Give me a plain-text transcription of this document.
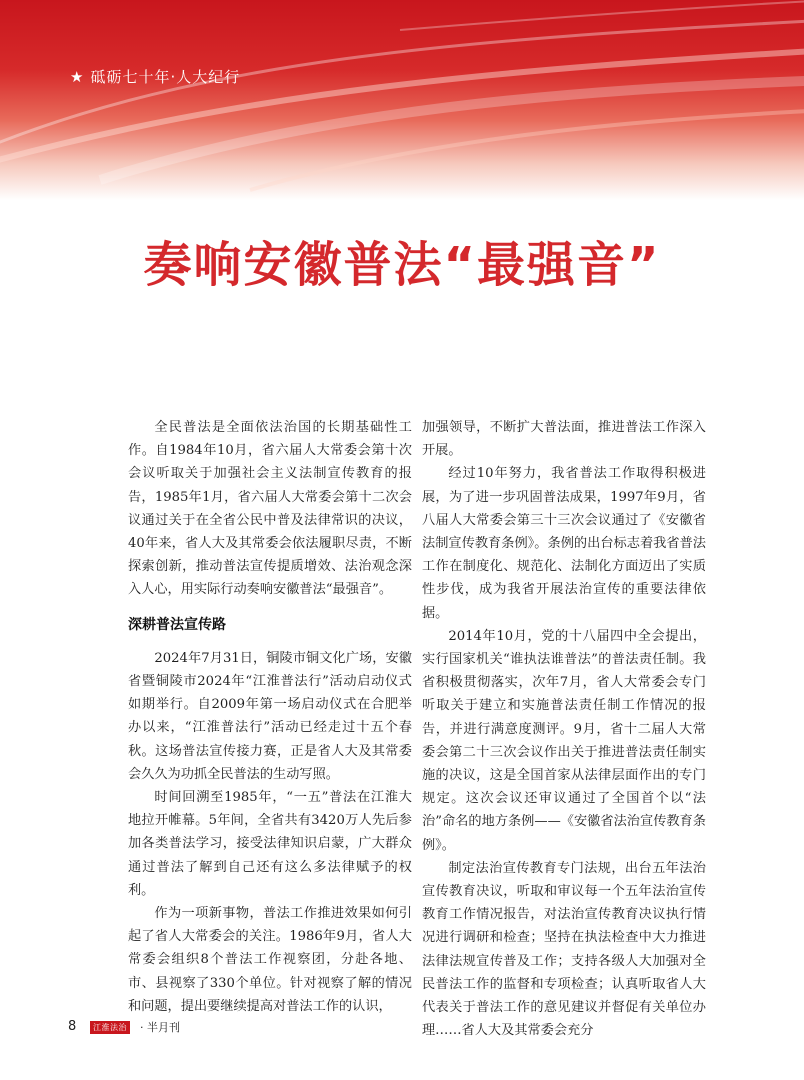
★ 砥砺七十年·人大纪行
奏响安徽普法“最强音”

全民普法是全面依法治国的长期基础性工作。自1984年10月，省六届人大常委会第十次会议听取关于加强社会主义法制宣传教育的报告，1985年1月，省六届人大常委会第十二次会议通过关于在全省公民中普及法律常识的决议，40年来，省人大及其常委会依法履职尽责，不断探索创新，推动普法宣传提质增效、法治观念深入人心，用实际行动奏响安徽普法“最强音”。

深耕普法宣传路

2024年7月31日，铜陵市铜文化广场，安徽省暨铜陵市2024年“江淮普法行”活动启动仪式如期举行。自2009年第一场启动仪式在合肥举办以来，“江淮普法行”活动已经走过十五个春秋。这场普法宣传接力赛，正是省人大及其常委会久久为功抓全民普法的生动写照。

时间回溯至1985年，“一五”普法在江淮大地拉开帷幕。5年间，全省共有3420万人先后参加各类普法学习，接受法律知识启蒙，广大群众通过普法了解到自己还有这么多法律赋予的权利。

作为一项新事物，普法工作推进效果如何引起了省人大常委会的关注。1986年9月，省人大常委会组织8个普法工作视察团，分赴各地、市、县视察了330个单位。针对视察了解的情况和问题，提出要继续提高对普法工作的认识，

加强领导，不断扩大普法面，推进普法工作深入开展。

经过10年努力，我省普法工作取得积极进展，为了进一步巩固普法成果，1997年9月，省八届人大常委会第三十三次会议通过了《安徽省法制宣传教育条例》。条例的出台标志着我省普法工作在制度化、规范化、法制化方面迈出了实质性步伐，成为我省开展法治宣传的重要法律依据。

2014年10月，党的十八届四中全会提出，实行国家机关“谁执法谁普法”的普法责任制。我省积极贯彻落实，次年7月，省人大常委会专门听取关于建立和实施普法责任制工作情况的报告，并进行满意度测评。9月，省十二届人大常委会第二十三次会议作出关于推进普法责任制实施的决议，这是全国首家从法律层面作出的专门规定。这次会议还审议通过了全国首个以“法治”命名的地方条例——《安徽省法治宣传教育条例》。

制定法治宣传教育专门法规，出台五年法治宣传教育决议，听取和审议每一个五年法治宣传教育工作情况报告，对法治宣传教育决议执行情况进行调研和检查；坚持在执法检查中大力推进法律法规宣传普及工作；支持各级人大加强对全民普法工作的监督和专项检查；认真听取省人大代表关于普法工作的意见建议并督促有关单位办理……省人大及其常委会充分

8	江淮法治 · 半月刊
